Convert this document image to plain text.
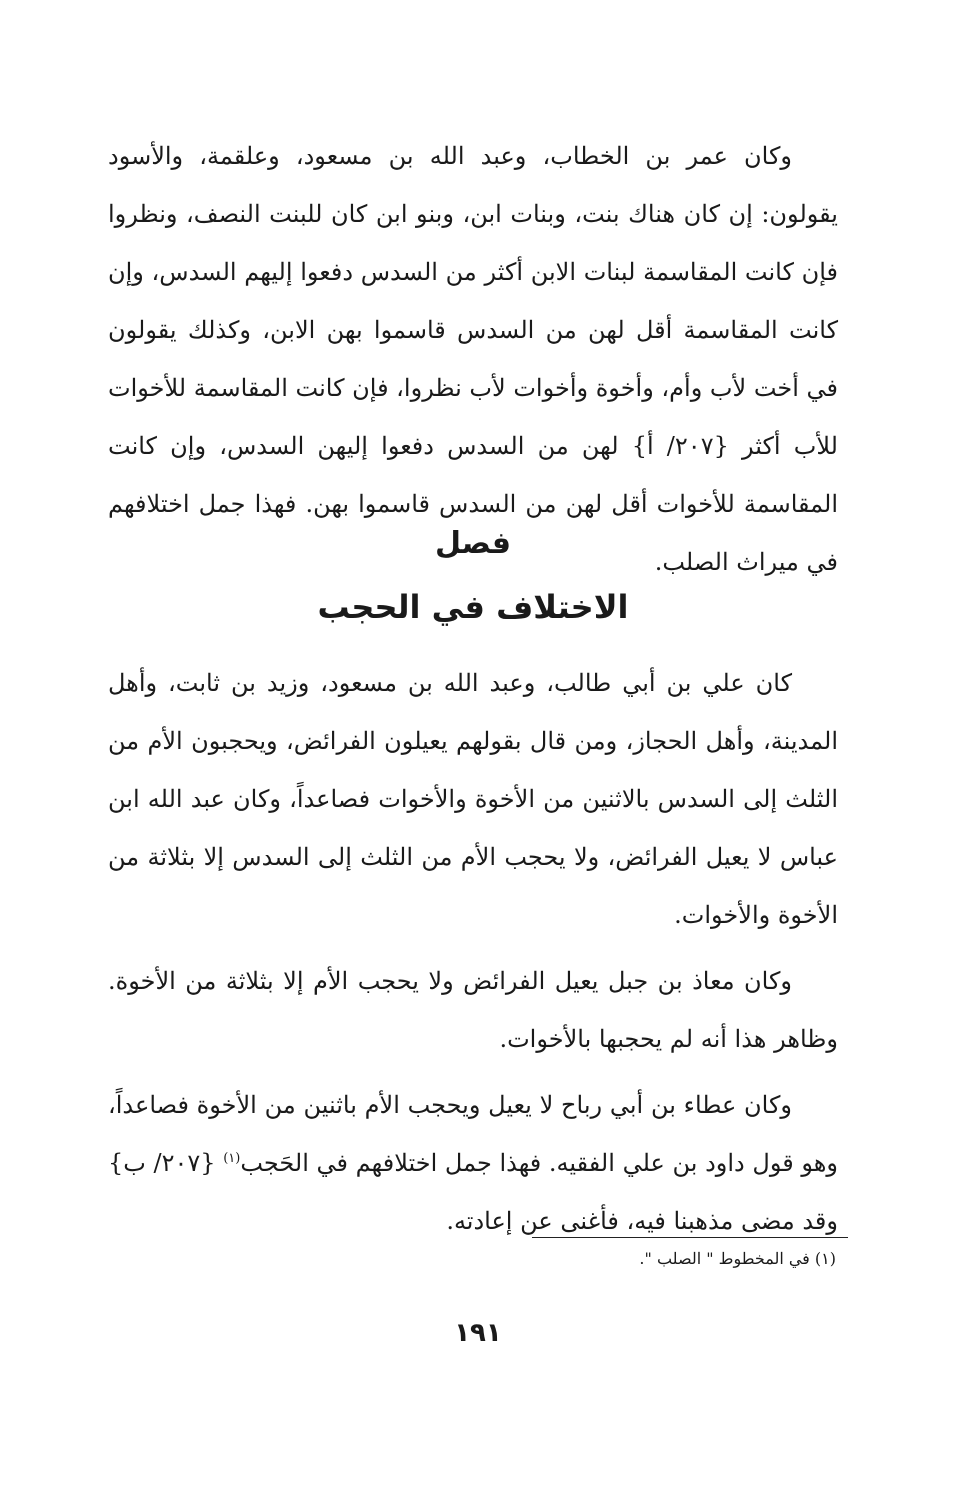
وكان عمر بن الخطاب، وعبد الله بن مسعود، وعلقمة، والأسود يقولون: إن كان هناك بنت، وبنات ابن، وبنو ابن كان للبنت النصف، ونظروا فإن كانت المقاسمة لبنات الابن أكثر من السدس دفعوا إليهم السدس، وإن كانت المقاسمة أقل لهن من السدس قاسموا بهن الابن، وكذلك يقولون في أخت لأب وأم، وأخوة وأخوات لأب نظروا، فإن كانت المقاسمة للأخوات للأب أكثر {٢٠٧/ أ} لهن من السدس دفعوا إليهن السدس، وإن كانت المقاسمة للأخوات أقل لهن من السدس قاسموا بهن. فهذا جمل اختلافهم في ميراث الصلب.

فصل
الاختلاف في الحجب

كان علي بن أبي طالب، وعبد الله بن مسعود، وزيد بن ثابت، وأهل المدينة، وأهل الحجاز، ومن قال بقولهم يعيلون الفرائض، ويحجبون الأم من الثلث إلى السدس بالاثنين من الأخوة والأخوات فصاعداً، وكان عبد الله ابن عباس لا يعيل الفرائض، ولا يحجب الأم من الثلث إلى السدس إلا بثلاثة من الأخوة والأخوات.

وكان معاذ بن جبل يعيل الفرائض ولا يحجب الأم إلا بثلاثة من الأخوة. وظاهر هذا أنه لم يحجبها بالأخوات.

وكان عطاء بن أبي رباح لا يعيل ويحجب الأم باثنين من الأخوة فصاعداً، وهو قول داود بن علي الفقيه. فهذا جمل اختلافهم في الحَجب$^{(١)}$ {٢٠٧/ ب} وقد مضى مذهبنا فيه، فأغنى عن إعادته.

(١) في المخطوط " الصلب ".
١٩١
